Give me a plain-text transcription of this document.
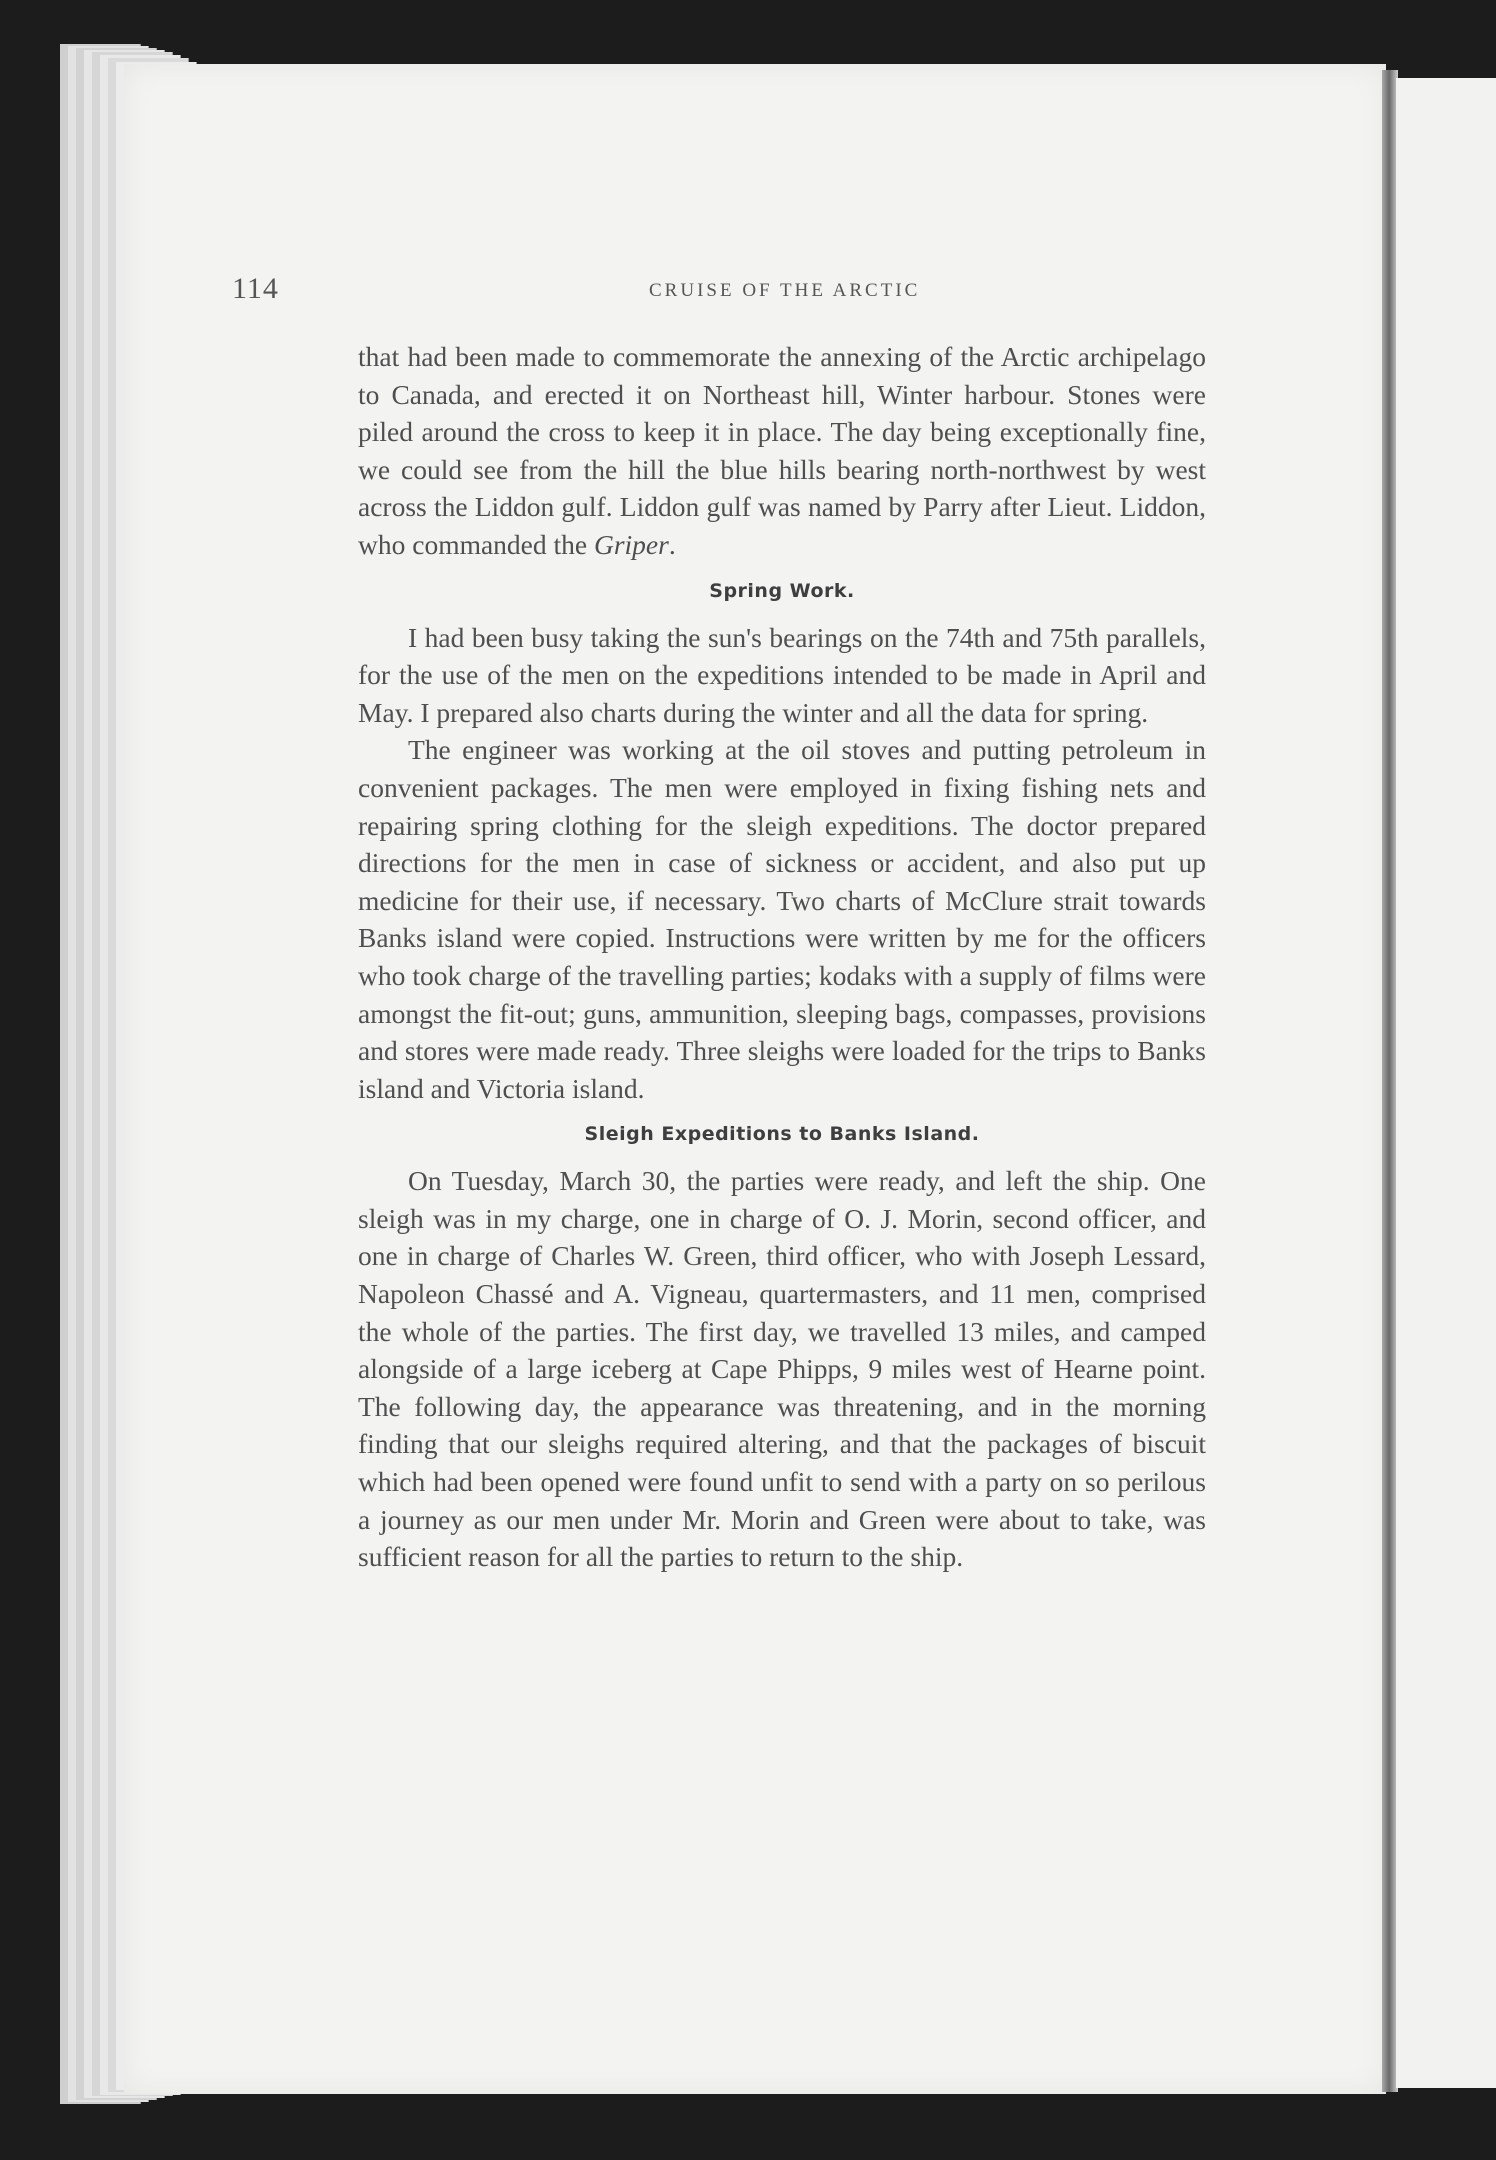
114	CRUISE OF THE ARCTIC

that had been made to commemorate the annexing of the Arctic archipelago to Canada, and erected it on Northeast hill, Winter harbour. Stones were piled around the cross to keep it in place. The day being exceptionally fine, we could see from the hill the blue hills bearing north-northwest by west across the Liddon gulf. Liddon gulf was named by Parry after Lieut. Liddon, who commanded the Griper.

Spring Work.

I had been busy taking the sun's bearings on the 74th and 75th parallels, for the use of the men on the expeditions intended to be made in April and May. I prepared also charts during the winter and all the data for spring.

The engineer was working at the oil stoves and putting petroleum in convenient packages. The men were employed in fixing fishing nets and repairing spring clothing for the sleigh expeditions. The doctor prepared directions for the men in case of sickness or accident, and also put up medicine for their use, if necessary. Two charts of McClure strait towards Banks island were copied. Instructions were written by me for the officers who took charge of the travelling parties; kodaks with a supply of films were amongst the fit-out; guns, ammunition, sleeping bags, compasses, provisions and stores were made ready. Three sleighs were loaded for the trips to Banks island and Victoria island.

Sleigh Expeditions to Banks Island.

On Tuesday, March 30, the parties were ready, and left the ship. One sleigh was in my charge, one in charge of O. J. Morin, second officer, and one in charge of Charles W. Green, third officer, who with Joseph Lessard, Napoleon Chassé and A. Vigneau, quartermasters, and 11 men, comprised the whole of the parties. The first day, we travelled 13 miles, and camped alongside of a large iceberg at Cape Phipps, 9 miles west of Hearne point. The following day, the appearance was threatening, and in the morning finding that our sleighs required altering, and that the packages of biscuit which had been opened were found unfit to send with a party on so perilous a journey as our men under Mr. Morin and Green were about to take, was sufficient reason for all the parties to return to the ship.
